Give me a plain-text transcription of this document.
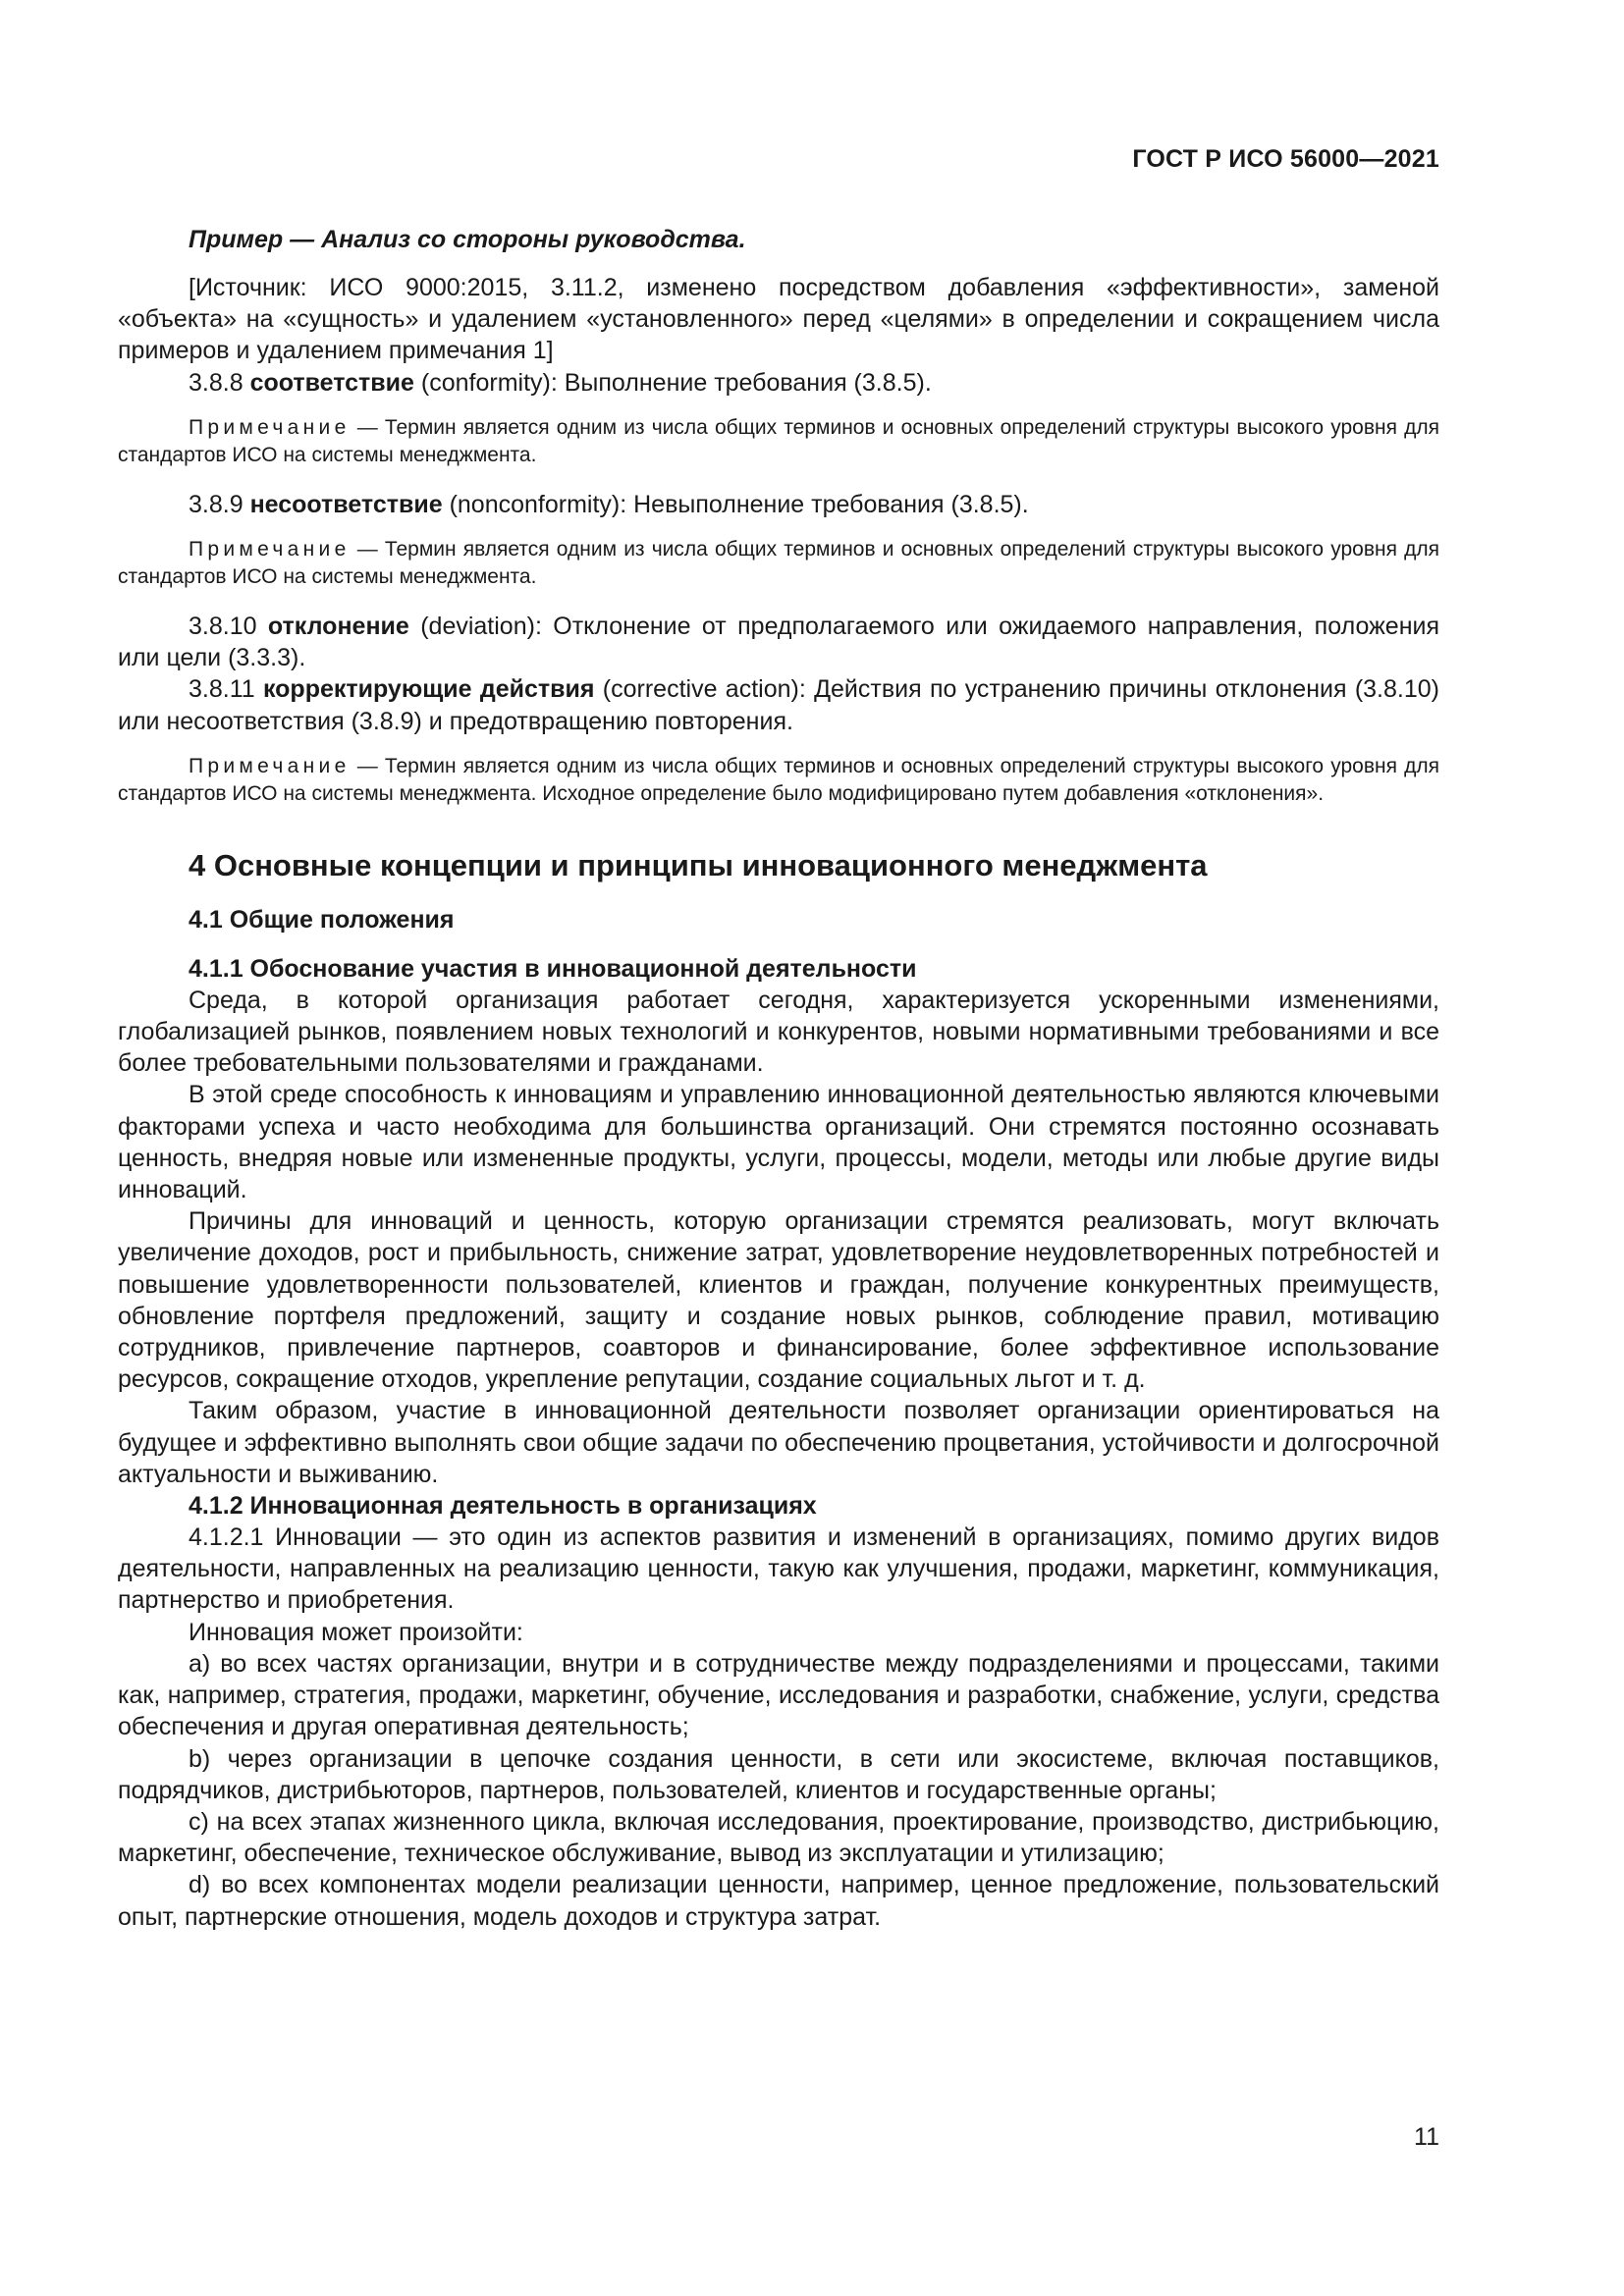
ГОСТ Р ИСО 56000—2021

Пример — Анализ со стороны руководства.

[Источник: ИСО 9000:2015, 3.11.2, изменено посредством добавления «эффективности», заменой «объекта» на «сущность» и удалением «установленного» перед «целями» в определении и сокращением числа примеров и удалением примечания 1]

3.8.8 соответствие (conformity): Выполнение требования (3.8.5).

Примечание — Термин является одним из числа общих терминов и основных определений структуры высокого уровня для стандартов ИСО на системы менеджмента.

3.8.9 несоответствие (nonconformity): Невыполнение требования (3.8.5).

Примечание — Термин является одним из числа общих терминов и основных определений структуры высокого уровня для стандартов ИСО на системы менеджмента.

3.8.10 отклонение (deviation): Отклонение от предполагаемого или ожидаемого направления, положения или цели (3.3.3).

3.8.11 корректирующие действия (corrective action): Действия по устранению причины отклонения (3.8.10) или несоответствия (3.8.9) и предотвращению повторения.

Примечание — Термин является одним из числа общих терминов и основных определений структуры высокого уровня для стандартов ИСО на системы менеджмента. Исходное определение было модифицировано путем добавления «отклонения».

4 Основные концепции и принципы инновационного менеджмента

4.1 Общие положения

4.1.1 Обоснование участия в инновационной деятельности

Среда, в которой организация работает сегодня, характеризуется ускоренными изменениями, глобализацией рынков, появлением новых технологий и конкурентов, новыми нормативными требованиями и все более требовательными пользователями и гражданами.

В этой среде способность к инновациям и управлению инновационной деятельностью являются ключевыми факторами успеха и часто необходима для большинства организаций. Они стремятся постоянно осознавать ценность, внедряя новые или измененные продукты, услуги, процессы, модели, методы или любые другие виды инноваций.

Причины для инноваций и ценность, которую организации стремятся реализовать, могут включать увеличение доходов, рост и прибыльность, снижение затрат, удовлетворение неудовлетворенных потребностей и повышение удовлетворенности пользователей, клиентов и граждан, получение конкурентных преимуществ, обновление портфеля предложений, защиту и создание новых рынков, соблюдение правил, мотивацию сотрудников, привлечение партнеров, соавторов и финансирование, более эффективное использование ресурсов, сокращение отходов, укрепление репутации, создание социальных льгот и т. д.

Таким образом, участие в инновационной деятельности позволяет организации ориентироваться на будущее и эффективно выполнять свои общие задачи по обеспечению процветания, устойчивости и долгосрочной актуальности и выживанию.

4.1.2 Инновационная деятельность в организациях

4.1.2.1 Инновации — это один из аспектов развития и изменений в организациях, помимо других видов деятельности, направленных на реализацию ценности, такую как улучшения, продажи, маркетинг, коммуникация, партнерство и приобретения.

Инновация может произойти:

a) во всех частях организации, внутри и в сотрудничестве между подразделениями и процессами, такими как, например, стратегия, продажи, маркетинг, обучение, исследования и разработки, снабжение, услуги, средства обеспечения и другая оперативная деятельность;

b) через организации в цепочке создания ценности, в сети или экосистеме, включая поставщиков, подрядчиков, дистрибьюторов, партнеров, пользователей, клиентов и государственные органы;

c) на всех этапах жизненного цикла, включая исследования, проектирование, производство, дистрибьюцию, маркетинг, обеспечение, техническое обслуживание, вывод из эксплуатации и утилизацию;

d) во всех компонентах модели реализации ценности, например, ценное предложение, пользовательский опыт, партнерские отношения, модель доходов и структура затрат.

11
